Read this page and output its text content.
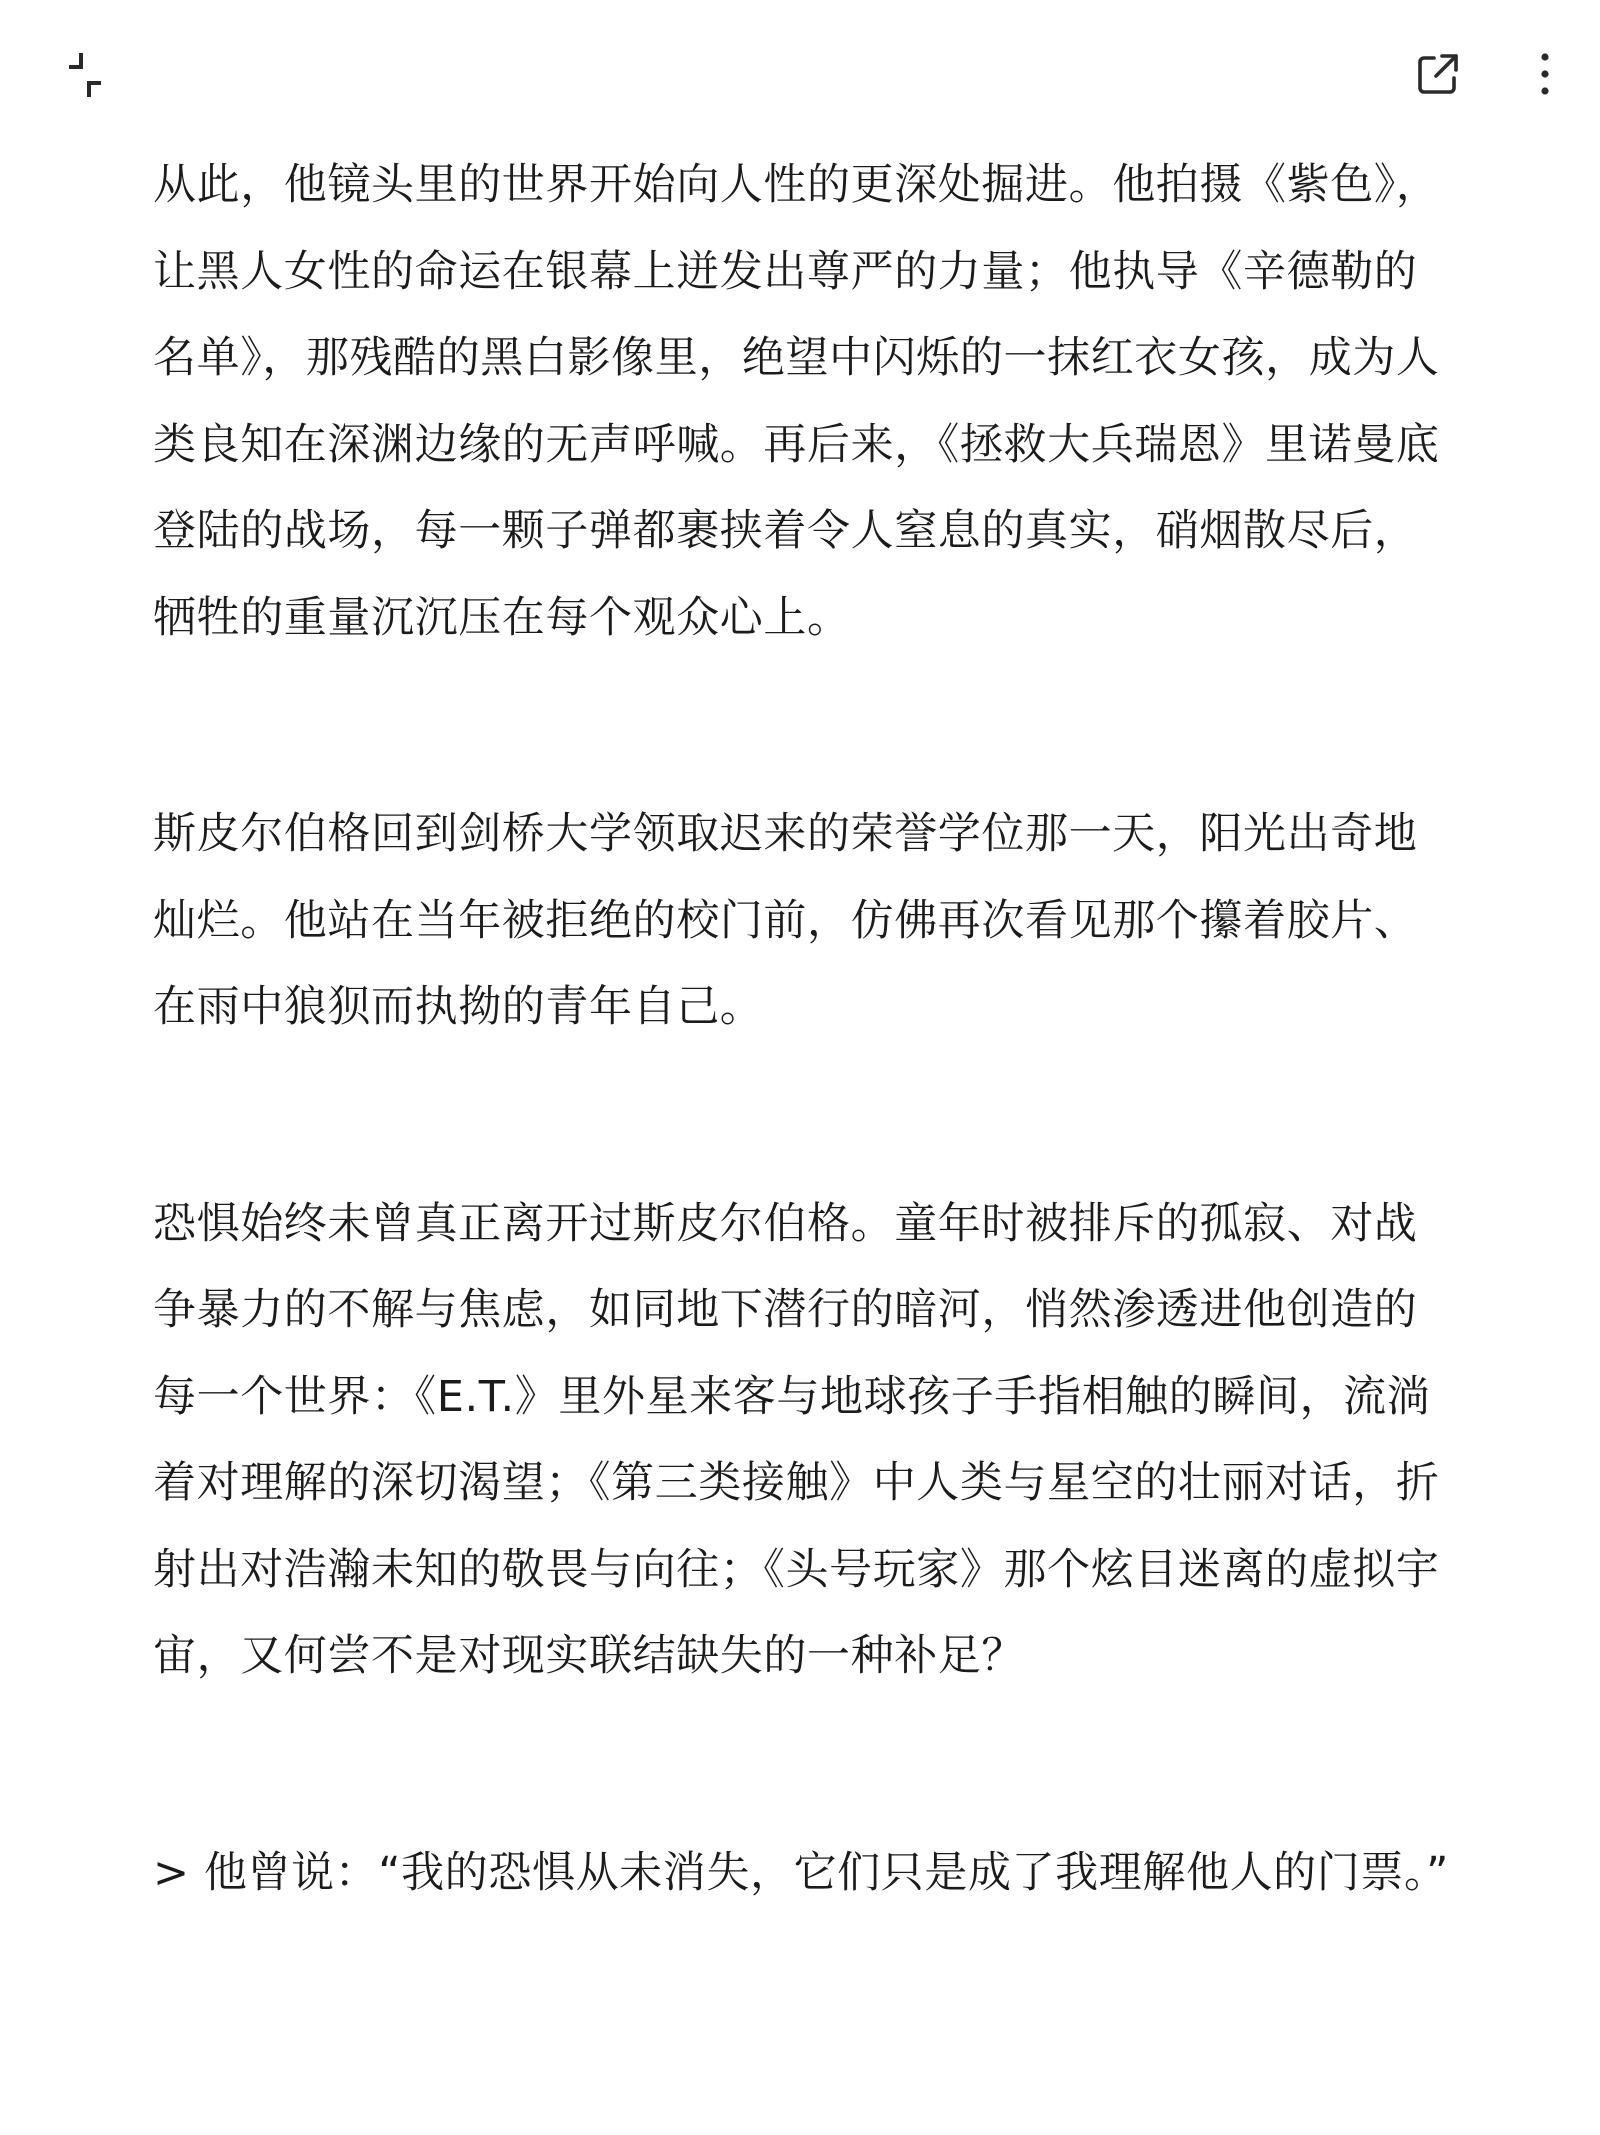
从此，他镜头里的世界开始向人性的更深处掘进。他拍摄《紫色》，让黑人女性的命运在银幕上迸发出尊严的力量；他执导《辛德勒的名单》，那残酷的黑白影像里，绝望中闪烁的一抹红衣女孩，成为人类良知在深渊边缘的无声呼喊。再后来，《拯救大兵瑞恩》里诺曼底登陆的战场，每一颗子弹都裹挟着令人窒息的真实，硝烟散尽后，牺牲的重量沉沉压在每个观众心上。

斯皮尔伯格回到剑桥大学领取迟来的荣誉学位那一天，阳光出奇地灿烂。他站在当年被拒绝的校门前，仿佛再次看见那个攥着胶片、在雨中狼狈而执拗的青年自己。

恐惧始终未曾真正离开过斯皮尔伯格。童年时被排斥的孤寂、对战争暴力的不解与焦虑，如同地下潜行的暗河，悄然渗透进他创造的每一个世界：《E.T.》里外星来客与地球孩子手指相触的瞬间，流淌着对理解的深切渴望；《第三类接触》中人类与星空的壮丽对话，折射出对浩瀚未知的敬畏与向往；《头号玩家》那个炫目迷离的虚拟宇宙，又何尝不是对现实联结缺失的一种补足？

> 他曾说：“我的恐惧从未消失，它们只是成了我理解他人的门票。”
